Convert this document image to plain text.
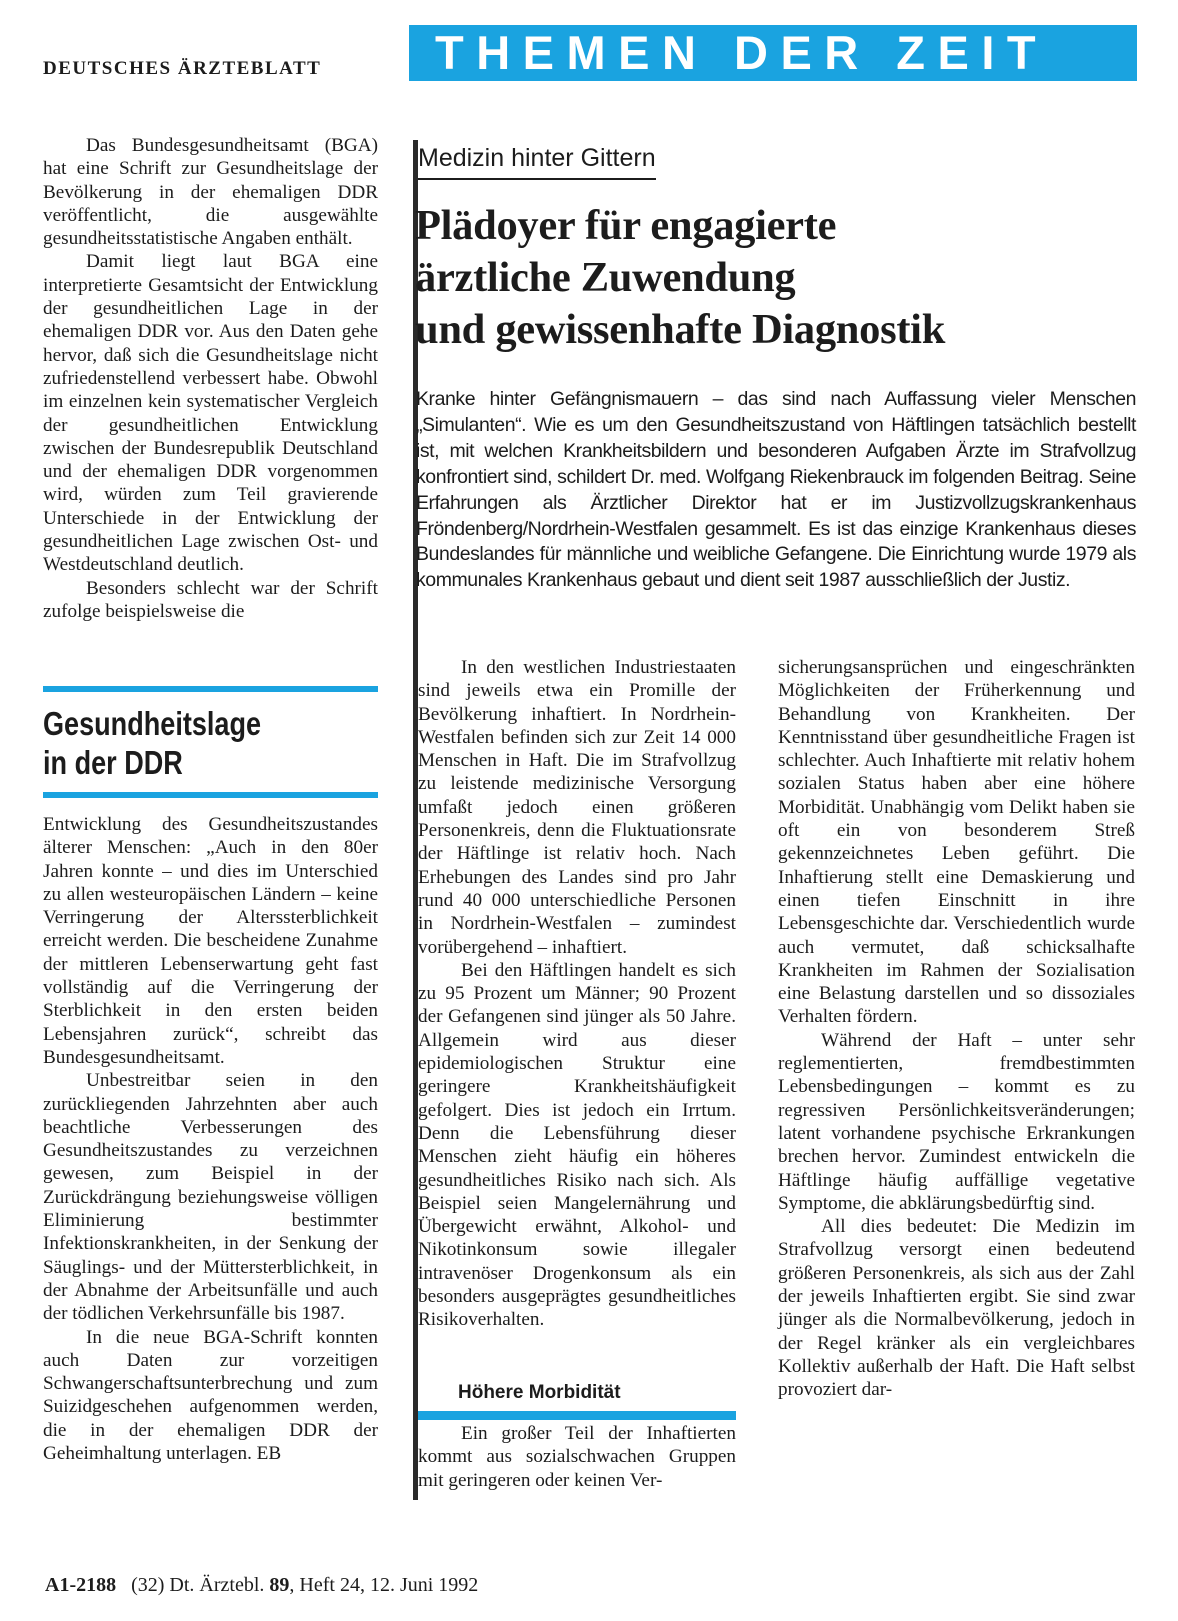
DEUTSCHES ÄRZTEBLATT	THEMEN DER ZEIT

Das Bundesgesundheitsamt (BGA) hat eine Schrift zur Gesundheitslage der Bevölkerung in der ehemaligen DDR veröffentlicht, die ausgewählte gesundheitsstatistische Angaben enthält.

Damit liegt laut BGA eine interpretierte Gesamtsicht der Entwicklung der gesundheitlichen Lage in der ehemaligen DDR vor. Aus den Daten gehe hervor, daß sich die Gesundheitslage nicht zufriedenstellend verbessert habe. Obwohl im einzelnen kein systematischer Vergleich der gesundheitlichen Entwicklung zwischen der Bundesrepublik Deutschland und der ehemaligen DDR vorgenommen wird, würden zum Teil gravierende Unterschiede in der Entwicklung der gesundheitlichen Lage zwischen Ost- und Westdeutschland deutlich.

Besonders schlecht war der Schrift zufolge beispielsweise die

Gesundheitslage
in der DDR

Entwicklung des Gesundheitszustandes älterer Menschen: „Auch in den 80er Jahren konnte – und dies im Unterschied zu allen westeuropäischen Ländern – keine Verringerung der Alterssterblichkeit erreicht werden. Die bescheidene Zunahme der mittleren Lebenserwartung geht fast vollständig auf die Verringerung der Sterblichkeit in den ersten beiden Lebensjahren zurück“, schreibt das Bundesgesundheitsamt.

Unbestreitbar seien in den zurückliegenden Jahrzehnten aber auch beachtliche Verbesserungen des Gesundheitszustandes zu verzeichnen gewesen, zum Beispiel in der Zurückdrängung beziehungsweise völligen Eliminierung bestimmter Infektionskrankheiten, in der Senkung der Säuglings- und der Müttersterblichkeit, in der Abnahme der Arbeitsunfälle und auch der tödlichen Verkehrsunfälle bis 1987.

In die neue BGA-Schrift konnten auch Daten zur vorzeitigen Schwangerschaftsunterbrechung und zum Suizidgeschehen aufgenommen werden, die in der ehemaligen DDR der Geheimhaltung unterlagen. EB

Medizin hinter Gittern
Plädoyer für engagierte
ärztliche Zuwendung
und gewissenhafte Diagnostik
Kranke hinter Gefängnismauern – das sind nach Auffassung vieler Menschen „Simulanten“. Wie es um den Gesundheitszustand von Häftlingen tatsächlich bestellt ist, mit welchen Krankheitsbildern und besonderen Aufgaben Ärzte im Strafvollzug konfrontiert sind, schildert Dr. med. Wolfgang Riekenbrauck im folgenden Beitrag. Seine Erfahrungen als Ärztlicher Direktor hat er im Justizvollzugskrankenhaus Fröndenberg/Nordrhein-Westfalen gesammelt. Es ist das einzige Krankenhaus dieses Bundeslandes für männliche und weibliche Gefangene. Die Einrichtung wurde 1979 als kommunales Krankenhaus gebaut und dient seit 1987 ausschließlich der Justiz.

In den westlichen Industriestaaten sind jeweils etwa ein Promille der Bevölkerung inhaftiert. In Nordrhein-Westfalen befinden sich zur Zeit 14 000 Menschen in Haft. Die im Strafvollzug zu leistende medizinische Versorgung umfaßt jedoch einen größeren Personenkreis, denn die Fluktuationsrate der Häftlinge ist relativ hoch. Nach Erhebungen des Landes sind pro Jahr rund 40 000 unterschiedliche Personen in Nordrhein-Westfalen – zumindest vorübergehend – inhaftiert.

Bei den Häftlingen handelt es sich zu 95 Prozent um Männer; 90 Prozent der Gefangenen sind jünger als 50 Jahre. Allgemein wird aus dieser epidemiologischen Struktur eine geringere Krankheitshäufigkeit gefolgert. Dies ist jedoch ein Irrtum. Denn die Lebensführung dieser Menschen zieht häufig ein höheres gesundheitliches Risiko nach sich. Als Beispiel seien Mangelernährung und Übergewicht erwähnt, Alkohol- und Nikotinkonsum sowie illegaler intravenöser Drogenkonsum als ein besonders ausgeprägtes gesundheitliches Risikoverhalten.

Höhere Morbidität

Ein großer Teil der Inhaftierten kommt aus sozialschwachen Gruppen mit geringeren oder keinen Ver-

sicherungsansprüchen und eingeschränkten Möglichkeiten der Früherkennung und Behandlung von Krankheiten. Der Kenntnisstand über gesundheitliche Fragen ist schlechter. Auch Inhaftierte mit relativ hohem sozialen Status haben aber eine höhere Morbidität. Unabhängig vom Delikt haben sie oft ein von besonderem Streß gekennzeichnetes Leben geführt. Die Inhaftierung stellt eine Demaskierung und einen tiefen Einschnitt in ihre Lebensgeschichte dar. Verschiedentlich wurde auch vermutet, daß schicksalhafte Krankheiten im Rahmen der Sozialisation eine Belastung darstellen und so dissoziales Verhalten fördern.

Während der Haft – unter sehr reglementierten, fremdbestimmten Lebensbedingungen – kommt es zu regressiven Persönlichkeitsveränderungen; latent vorhandene psychische Erkrankungen brechen hervor. Zumindest entwickeln die Häftlinge häufig auffällige vegetative Symptome, die abklärungsbedürftig sind.

All dies bedeutet: Die Medizin im Strafvollzug versorgt einen bedeutend größeren Personenkreis, als sich aus der Zahl der jeweils Inhaftierten ergibt. Sie sind zwar jünger als die Normalbevölkerung, jedoch in der Regel kränker als ein vergleichbares Kollektiv außerhalb der Haft. Die Haft selbst provoziert dar-

A1-2188 (32) Dt. Ärztebl. 89, Heft 24, 12. Juni 1992
